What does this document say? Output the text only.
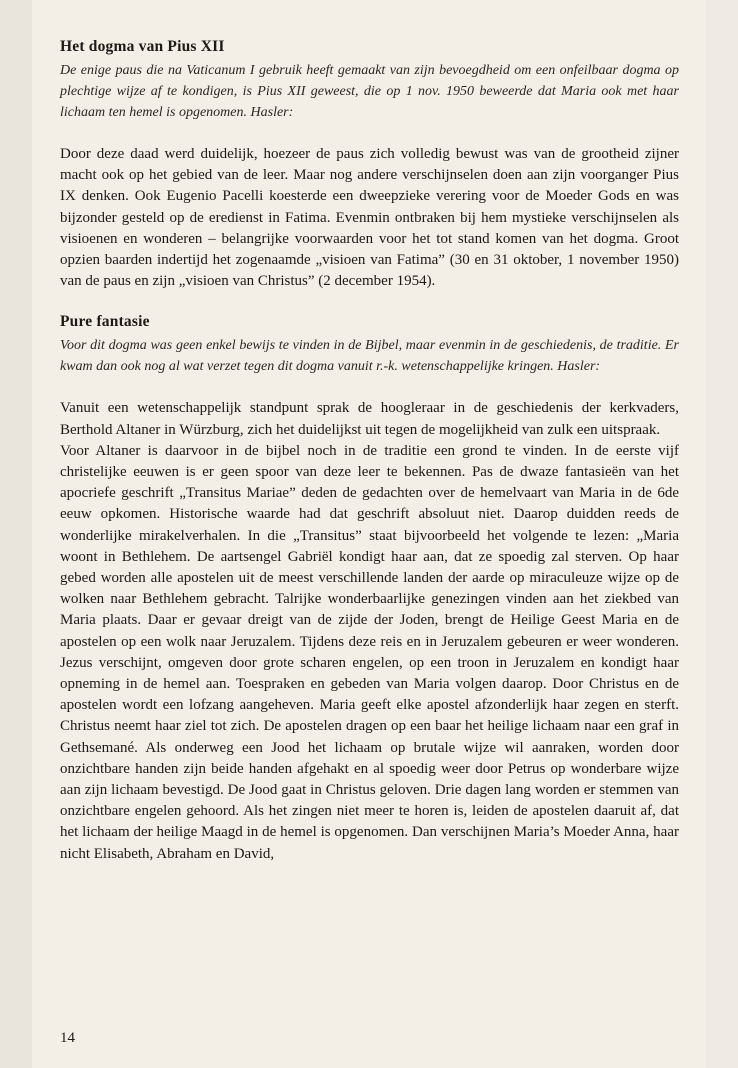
Het dogma van Pius XII

De enige paus die na Vaticanum I gebruik heeft gemaakt van zijn bevoegdheid om een onfeilbaar dogma op plechtige wijze af te kondigen, is Pius XII geweest, die op 1 nov. 1950 beweerde dat Maria ook met haar lichaam ten hemel is opgenomen. Hasler:

Door deze daad werd duidelijk, hoezeer de paus zich volledig bewust was van de grootheid zijner macht ook op het gebied van de leer. Maar nog andere verschijnselen doen aan zijn voorganger Pius IX denken. Ook Eugenio Pacelli koesterde een dweepzieke verering voor de Moeder Gods en was bijzonder gesteld op de eredienst in Fatima. Evenmin ontbraken bij hem mystieke verschijnselen als visioenen en wonderen – belangrijke voorwaarden voor het tot stand komen van het dogma. Groot opzien baarden indertijd het zogenaamde „visioen van Fatima” (30 en 31 oktober, 1 november 1950) van de paus en zijn „visioen van Christus” (2 december 1954).

Pure fantasie

Voor dit dogma was geen enkel bewijs te vinden in de Bijbel, maar evenmin in de geschiedenis, de traditie. Er kwam dan ook nog al wat verzet tegen dit dogma vanuit r.-k. wetenschappelijke kringen. Hasler:

Vanuit een wetenschappelijk standpunt sprak de hoogleraar in de geschiedenis der kerkvaders, Berthold Altaner in Würzburg, zich het duidelijkst uit tegen de mogelijkheid van zulk een uitspraak.

Voor Altaner is daarvoor in de bijbel noch in de traditie een grond te vinden. In de eerste vijf christelijke eeuwen is er geen spoor van deze leer te bekennen. Pas de dwaze fantasieën van het apocriefe geschrift „Transitus Mariae” deden de gedachten over de hemelvaart van Maria in de 6de eeuw opkomen. Historische waarde had dat geschrift absoluut niet. Daarop duidden reeds de wonderlijke mirakelverhalen. In die „Transitus” staat bijvoorbeeld het volgende te lezen: „Maria woont in Bethlehem. De aartsengel Gabriël kondigt haar aan, dat ze spoedig zal sterven. Op haar gebed worden alle apostelen uit de meest verschillende landen der aarde op miraculeuze wijze op de wolken naar Bethlehem gebracht. Talrijke wonderbaarlijke genezingen vinden aan het ziekbed van Maria plaats. Daar er gevaar dreigt van de zijde der Joden, brengt de Heilige Geest Maria en de apostelen op een wolk naar Jeruzalem. Tijdens deze reis en in Jeruzalem gebeuren er weer wonderen. Jezus verschijnt, omgeven door grote scharen engelen, op een troon in Jeruzalem en kondigt haar opneming in de hemel aan. Toespraken en gebeden van Maria volgen daarop. Door Christus en de apostelen wordt een lofzang aangeheven. Maria geeft elke apostel afzonderlijk haar zegen en sterft. Christus neemt haar ziel tot zich. De apostelen dragen op een baar het heilige lichaam naar een graf in Gethsemané. Als onderweg een Jood het lichaam op brutale wijze wil aanraken, worden door onzichtbare handen zijn beide handen afgehakt en al spoedig weer door Petrus op wonderbare wijze aan zijn lichaam bevestigd. De Jood gaat in Christus geloven. Drie dagen lang worden er stemmen van onzichtbare engelen gehoord. Als het zingen niet meer te horen is, leiden de apostelen daaruit af, dat het lichaam der heilige Maagd in de hemel is opgenomen. Dan verschijnen Maria’s Moeder Anna, haar nicht Elisabeth, Abraham en David,

14
